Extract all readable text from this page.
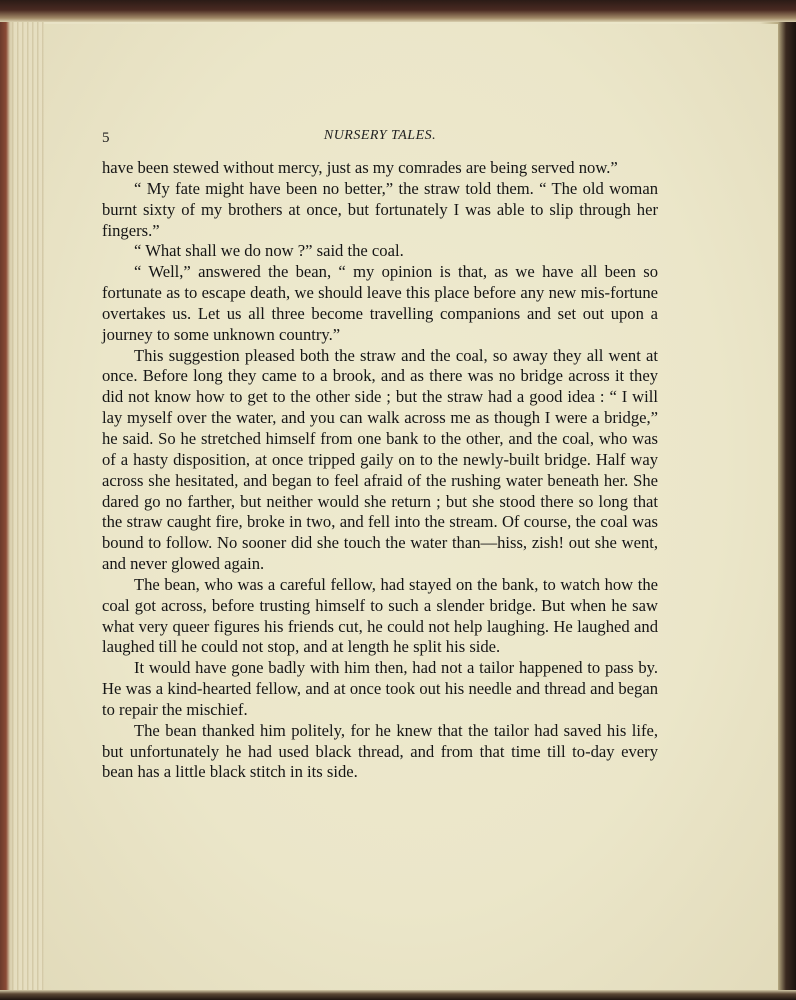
5	NURSERY TALES.

have been stewed without mercy, just as my comrades are being served now.”

“ My fate might have been no better,” the straw told them. “ The old woman burnt sixty of my brothers at once, but fortunately I was able to slip through her fingers.”

“ What shall we do now ?” said the coal.

“ Well,” answered the bean, “ my opinion is that, as we have all been so fortunate as to escape death, we should leave this place before any new mis-fortune overtakes us. Let us all three become travelling companions and set out upon a journey to some unknown country.”

This suggestion pleased both the straw and the coal, so away they all went at once. Before long they came to a brook, and as there was no bridge across it they did not know how to get to the other side ; but the straw had a good idea : “ I will lay myself over the water, and you can walk across me as though I were a bridge,” he said. So he stretched himself from one bank to the other, and the coal, who was of a hasty disposition, at once tripped gaily on to the newly-built bridge. Half way across she hesitated, and began to feel afraid of the rushing water beneath her. She dared go no farther, but neither would she return ; but she stood there so long that the straw caught fire, broke in two, and fell into the stream. Of course, the coal was bound to follow. No sooner did she touch the water than—hiss, zish! out she went, and never glowed again.

The bean, who was a careful fellow, had stayed on the bank, to watch how the coal got across, before trusting himself to such a slender bridge. But when he saw what very queer figures his friends cut, he could not help laughing. He laughed and laughed till he could not stop, and at length he split his side.

It would have gone badly with him then, had not a tailor happened to pass by. He was a kind-hearted fellow, and at once took out his needle and thread and began to repair the mischief.

The bean thanked him politely, for he knew that the tailor had saved his life, but unfortunately he had used black thread, and from that time till to-day every bean has a little black stitch in its side.
